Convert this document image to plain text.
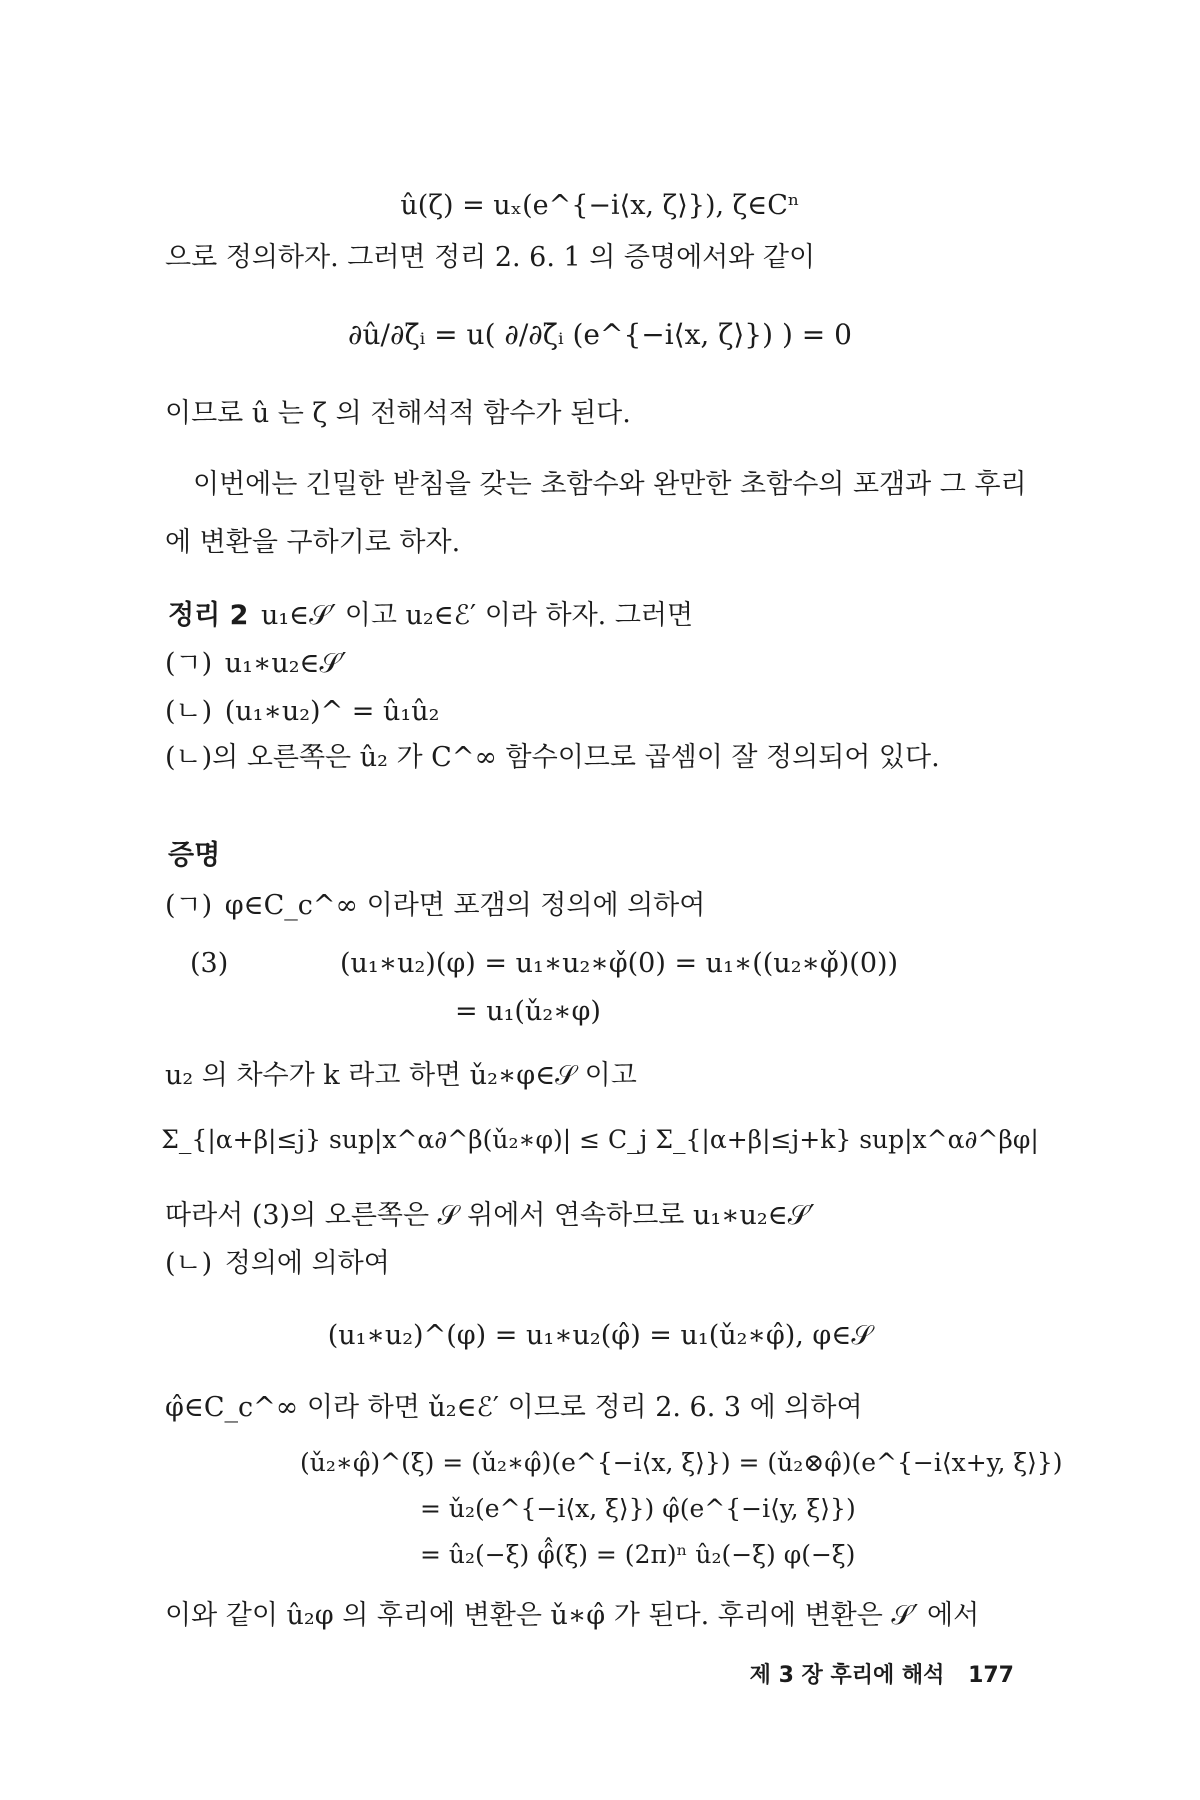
û(ζ) = uₓ(e^{−i⟨x, ζ⟩}), ζ∈Cⁿ
으로 정의하자. 그러면 정리 2. 6. 1 의 증명에서와 같이
∂û/∂ζ̄ᵢ = u( ∂/∂ζ̄ᵢ (e^{−i⟨x, ζ⟩}) ) = 0
이므로 û 는 ζ 의 전해석적 함수가 된다.
이번에는 긴밀한 받침을 갖는 초함수와 완만한 초함수의 포갬과 그 후리에 변환을 구하기로 하자.
정리 2 u₁∈𝒮′ 이고 u₂∈ℰ′ 이라 하자. 그러면
(ㄱ) u₁∗u₂∈𝒮′
(ㄴ) (u₁∗u₂)^ = û₁û₂
(ㄴ)의 오른쪽은 û₂ 가 C^∞ 함수이므로 곱셈이 잘 정의되어 있다.
증명
(ㄱ) φ∈C_c^∞ 이라면 포갬의 정의에 의하여
(3)	(u₁∗u₂)(φ) = u₁∗u₂∗φ̌(0) = u₁∗((u₂∗φ̌)(0))
= u₁(ǔ₂∗φ)
u₂ 의 차수가 k 라고 하면 ǔ₂∗φ∈𝒮 이고
Σ_{|α+β|≤j} sup|x^α∂^β(ǔ₂∗φ)| ≤ C_j Σ_{|α+β|≤j+k} sup|x^α∂^βφ|
따라서 (3)의 오른쪽은 𝒮 위에서 연속하므로 u₁∗u₂∈𝒮′
(ㄴ) 정의에 의하여
(u₁∗u₂)^(φ) = u₁∗u₂(φ̂) = u₁(ǔ₂∗φ̂), φ∈𝒮
φ̂∈C_c^∞ 이라 하면 ǔ₂∈ℰ′ 이므로 정리 2. 6. 3 에 의하여
(ǔ₂∗φ̂)^(ξ) = (ǔ₂∗φ̂)(e^{−i⟨x, ξ⟩}) = (ǔ₂⊗φ̂)(e^{−i⟨x+y, ξ⟩})
= ǔ₂(e^{−i⟨x, ξ⟩}) φ̂(e^{−i⟨y, ξ⟩})
= û₂(−ξ) φ̂̂(ξ) = (2π)ⁿ û₂(−ξ) φ(−ξ)
이와 같이 û₂φ 의 후리에 변환은 ǔ∗φ̂ 가 된다. 후리에 변환은 𝒮′ 에서
제 3 장 후리에 해석 177
